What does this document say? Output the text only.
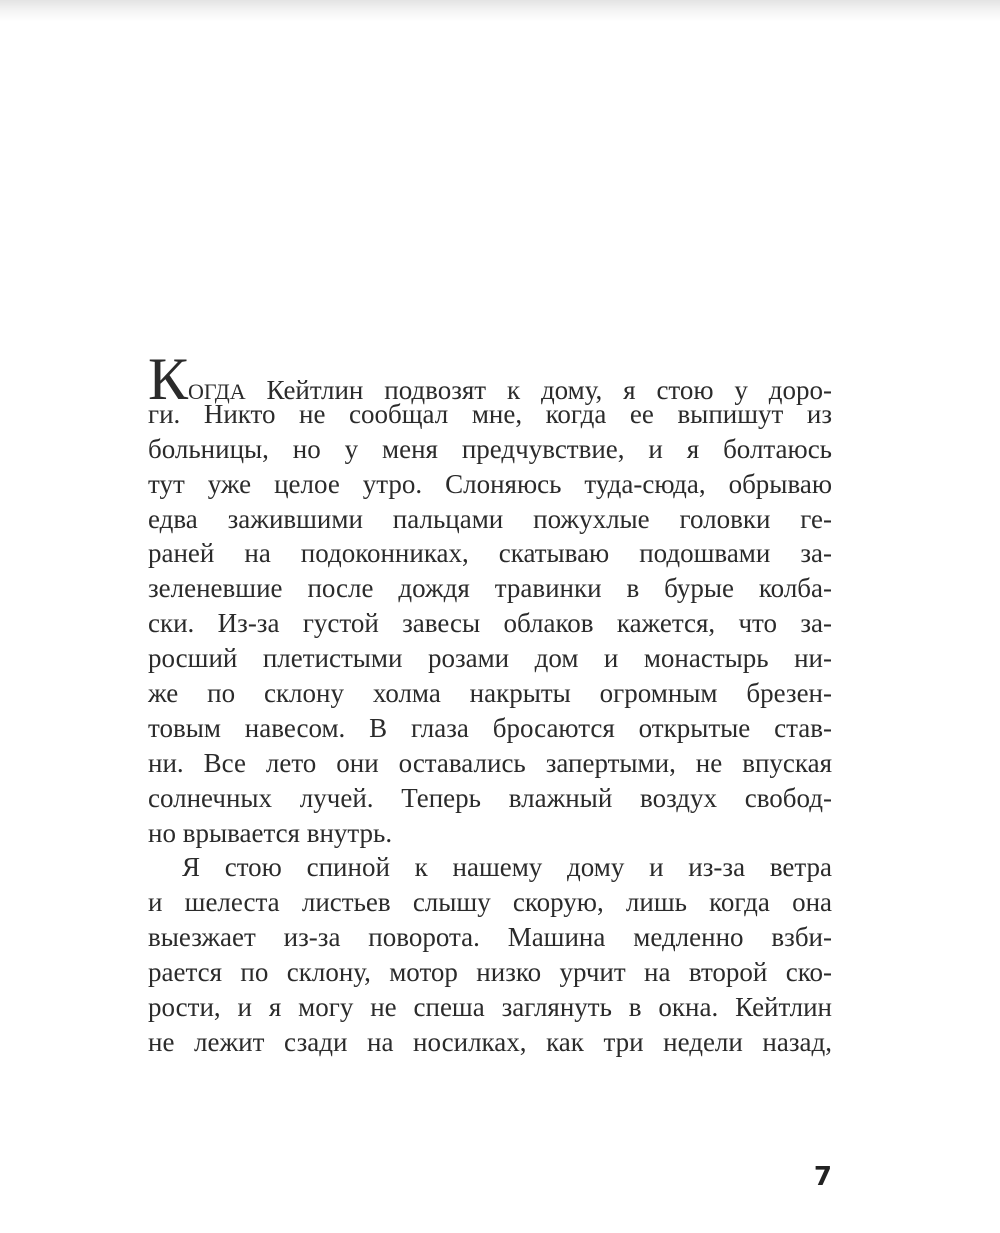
КОГДА Кейтлин подвозят к дому, я стою у доро-
ги. Никто не сообщал мне, когда ее выпишут из
больницы, но у меня предчувствие, и я болтаюсь
тут уже целое утро. Слоняюсь туда-сюда, обрываю
едва зажившими пальцами пожухлые головки ге-
раней на подоконниках, скатываю подошвами за-
зеленевшие после дождя травинки в бурые колба-
ски. Из-за густой завесы облаков кажется, что за-
росший плетистыми розами дом и монастырь ни-
же по склону холма накрыты огромным брезен-
товым навесом. В глаза бросаются открытые став-
ни. Все лето они оставались запертыми, не впуская
солнечных лучей. Теперь влажный воздух свобод-
но врывается внутрь.
Я стою спиной к нашему дому и из-за ветра
и шелеста листьев слышу скорую, лишь когда она
выезжает из-за поворота. Машина медленно взби-
рается по склону, мотор низко урчит на второй ско-
рости, и я могу не спеша заглянуть в окна. Кейтлин
не лежит сзади на носилках, как три недели назад,
7
